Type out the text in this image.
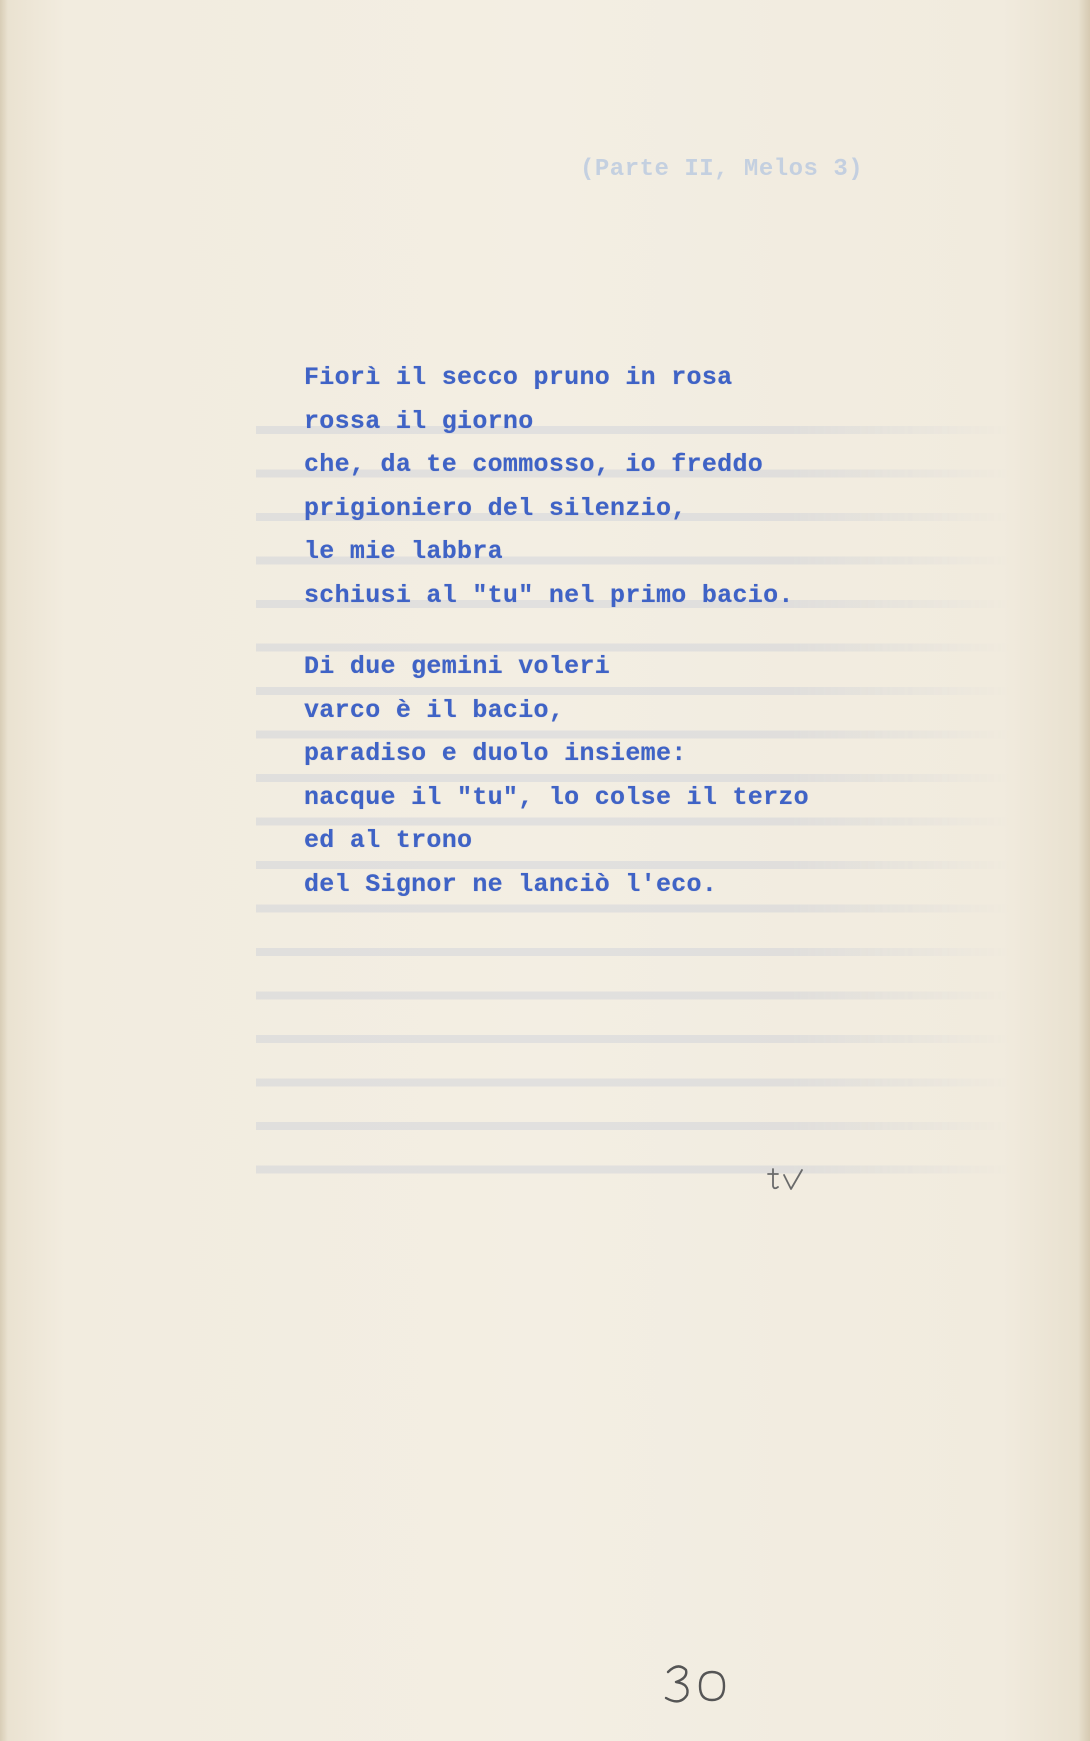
(Parte II, Melos 3)
Fiorì il secco pruno in rosa
rossa il giorno
che, da te commosso, io freddo
prigioniero del silenzio,
le mie labbra
schiusi al "tu" nel primo bacio.
Di due gemini voleri
varco è il bacio,
paradiso e duolo insieme:
nacque il "tu", lo colse il terzo
ed al trono
del Signor ne lanciò l'eco.
